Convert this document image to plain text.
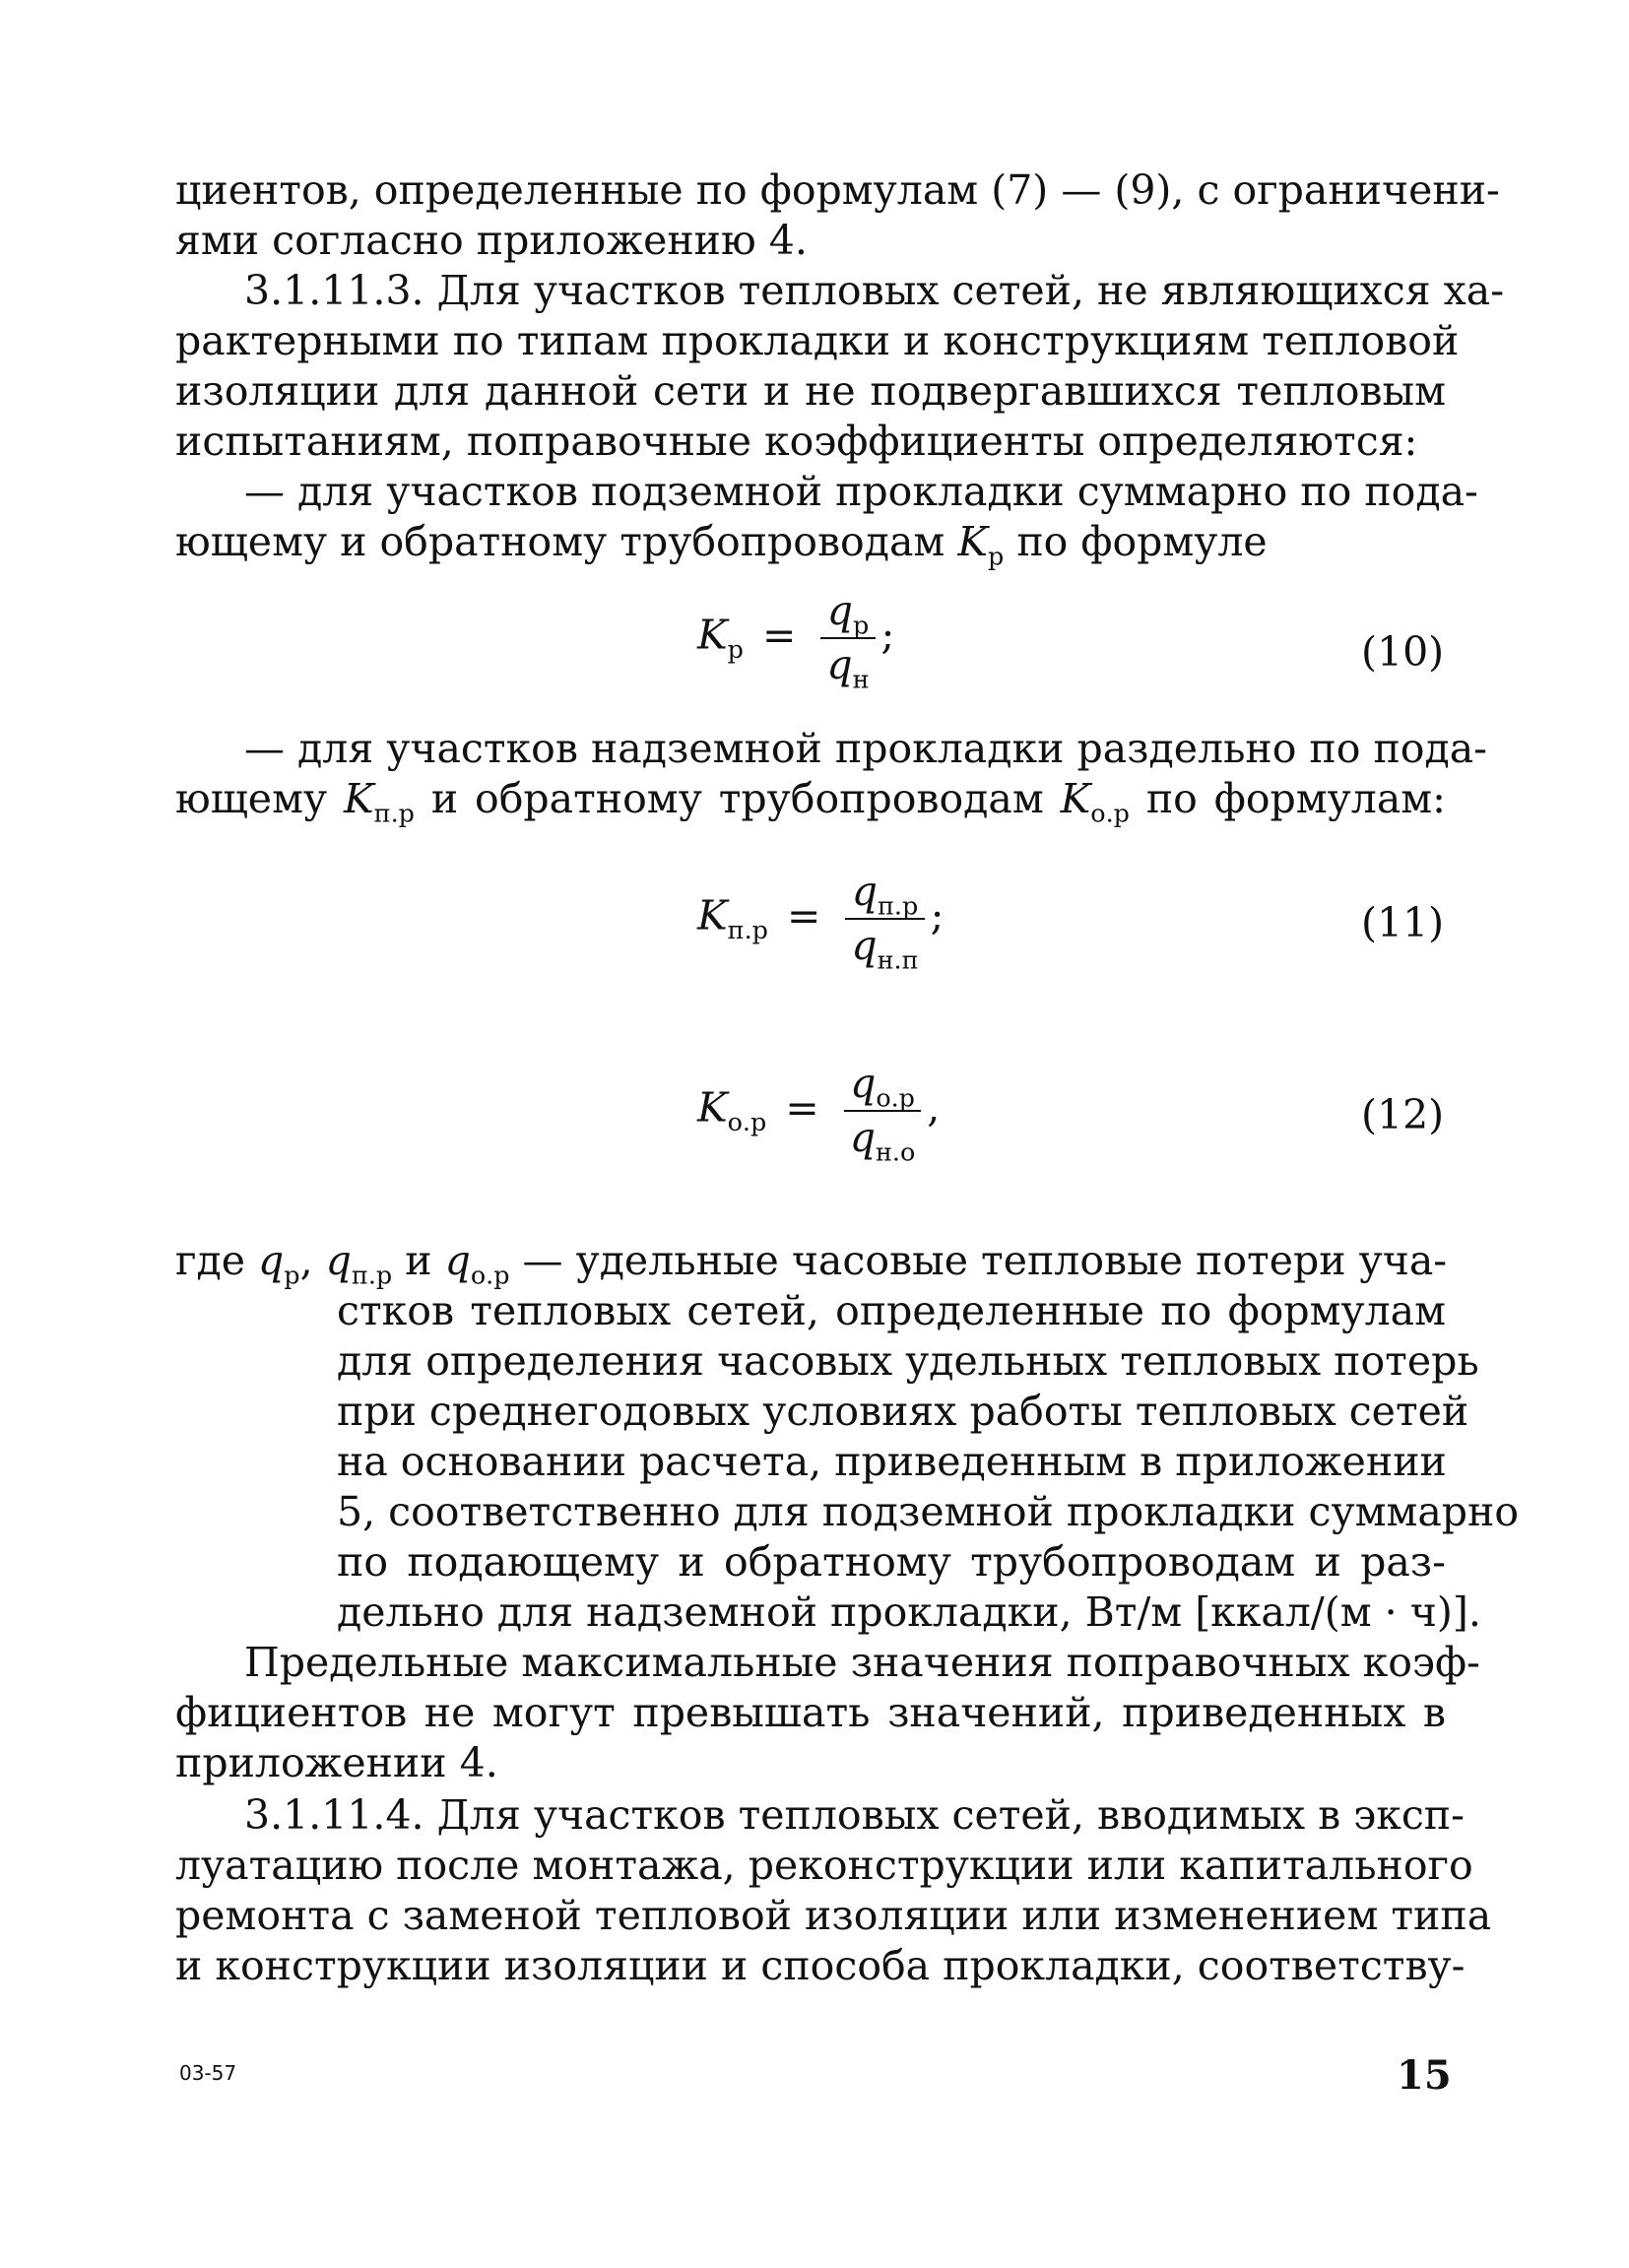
циентов, определенные по формулам (7) — (9), с ограничени-
ями согласно приложению 4.
3.1.11.3. Для участков тепловых сетей, не являющихся ха-
рактерными по типам прокладки и конструкциям тепловой
изоляции для данной сети и не подвергавшихся тепловым
испытаниям, поправочные коэффициенты определяются:
— для участков подземной прокладки суммарно по пода-
ющему и обратному трубопроводам $K_р$ по формуле
$K_р = \frac{q_р}{q_н}$ ;	(10)
— для участков надземной прокладки раздельно по пода-
ющему $K_{п.р}$ и обратному трубопроводам $K_{о.р}$ по формулам:
$K_{п.р} = \frac{q_{п.р}}{q_{н.п}}$ ;	(11)
$K_{о.р} = \frac{q_{о.р}}{q_{н.о}}$ ,	(12)
где $q_р$, $q_{п.р}$ и $q_{о.р}$ — удельные часовые тепловые потери уча-
стков тепловых сетей, определенные по формулам
для определения часовых удельных тепловых потерь
при среднегодовых условиях работы тепловых сетей
на основании расчета, приведенным в приложении
5, соответственно для подземной прокладки суммарно
по подающему и обратному трубопроводам и раз-
дельно для надземной прокладки, Вт/м [ккал/(м · ч)].
Предельные максимальные значения поправочных коэф-
фициентов не могут превышать значений, приведенных в
приложении 4.
3.1.11.4. Для участков тепловых сетей, вводимых в эксп-
луатацию после монтажа, реконструкции или капитального
ремонта с заменой тепловой изоляции или изменением типа
и конструкции изоляции и способа прокладки, соответству-
03-57	15
